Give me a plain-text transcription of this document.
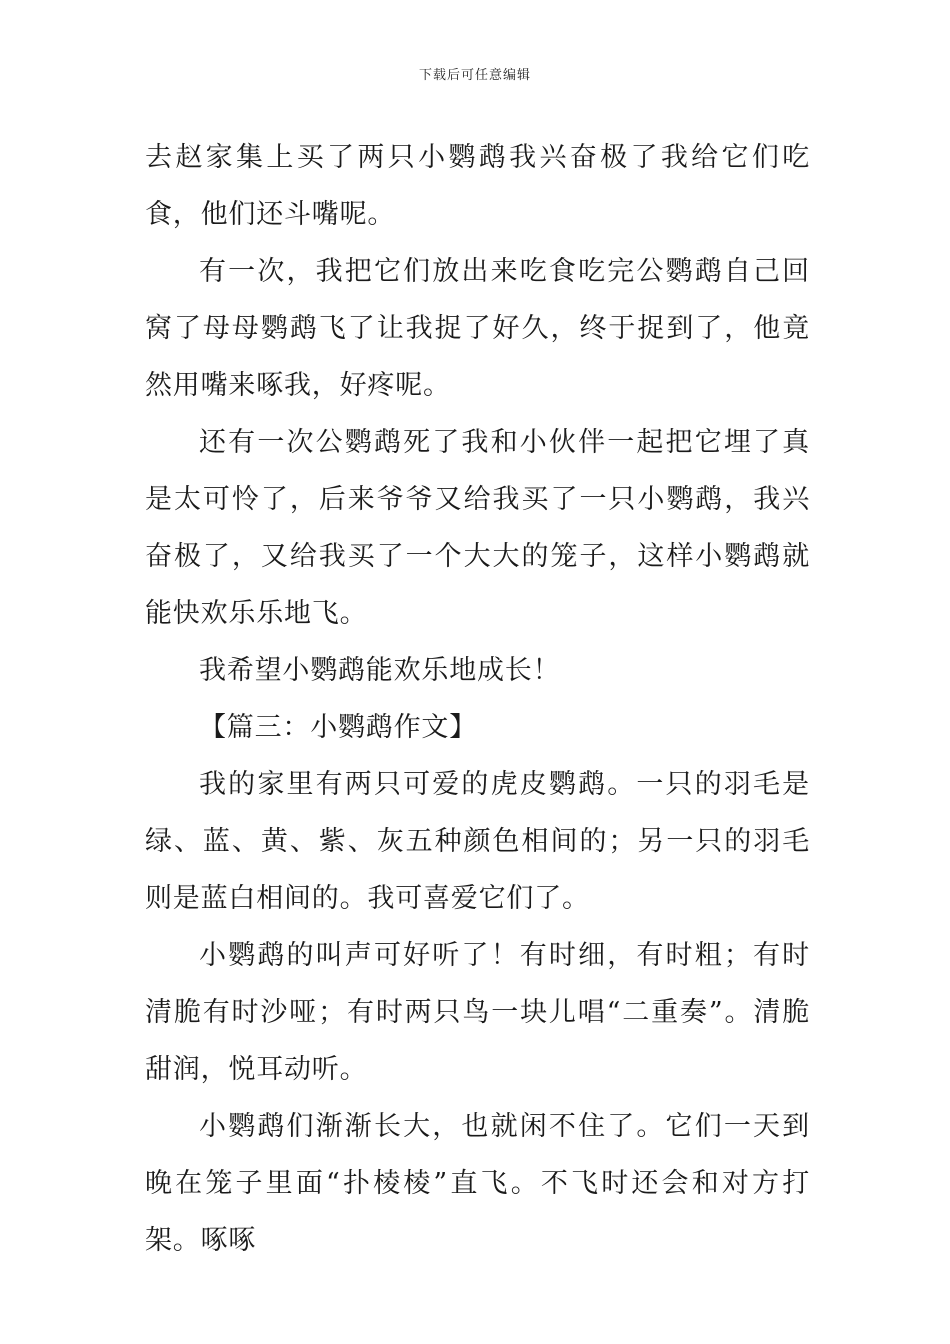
下载后可任意编辑

去赵家集上买了两只小鹦鹉我兴奋极了我给它们吃食，他们还斗嘴呢。

有一次，我把它们放出来吃食吃完公鹦鹉自己回窝了母母鹦鹉飞了让我捉了好久，终于捉到了，他竟然用嘴来啄我，好疼呢。

还有一次公鹦鹉死了我和小伙伴一起把它埋了真是太可怜了，后来爷爷又给我买了一只小鹦鹉，我兴奋极了，又给我买了一个大大的笼子，这样小鹦鹉就能快欢乐乐地飞。

我希望小鹦鹉能欢乐地成长！

【篇三：小鹦鹉作文】

我的家里有两只可爱的虎皮鹦鹉。一只的羽毛是绿、蓝、黄、紫、灰五种颜色相间的；另一只的羽毛则是蓝白相间的。我可喜爱它们了。

小鹦鹉的叫声可好听了！有时细，有时粗；有时清脆有时沙哑；有时两只鸟一块儿唱“二重奏”。清脆甜润，悦耳动听。

小鹦鹉们渐渐长大，也就闲不住了。它们一天到晚在笼子里面“扑棱棱”直飞。不飞时还会和对方打架。啄啄
